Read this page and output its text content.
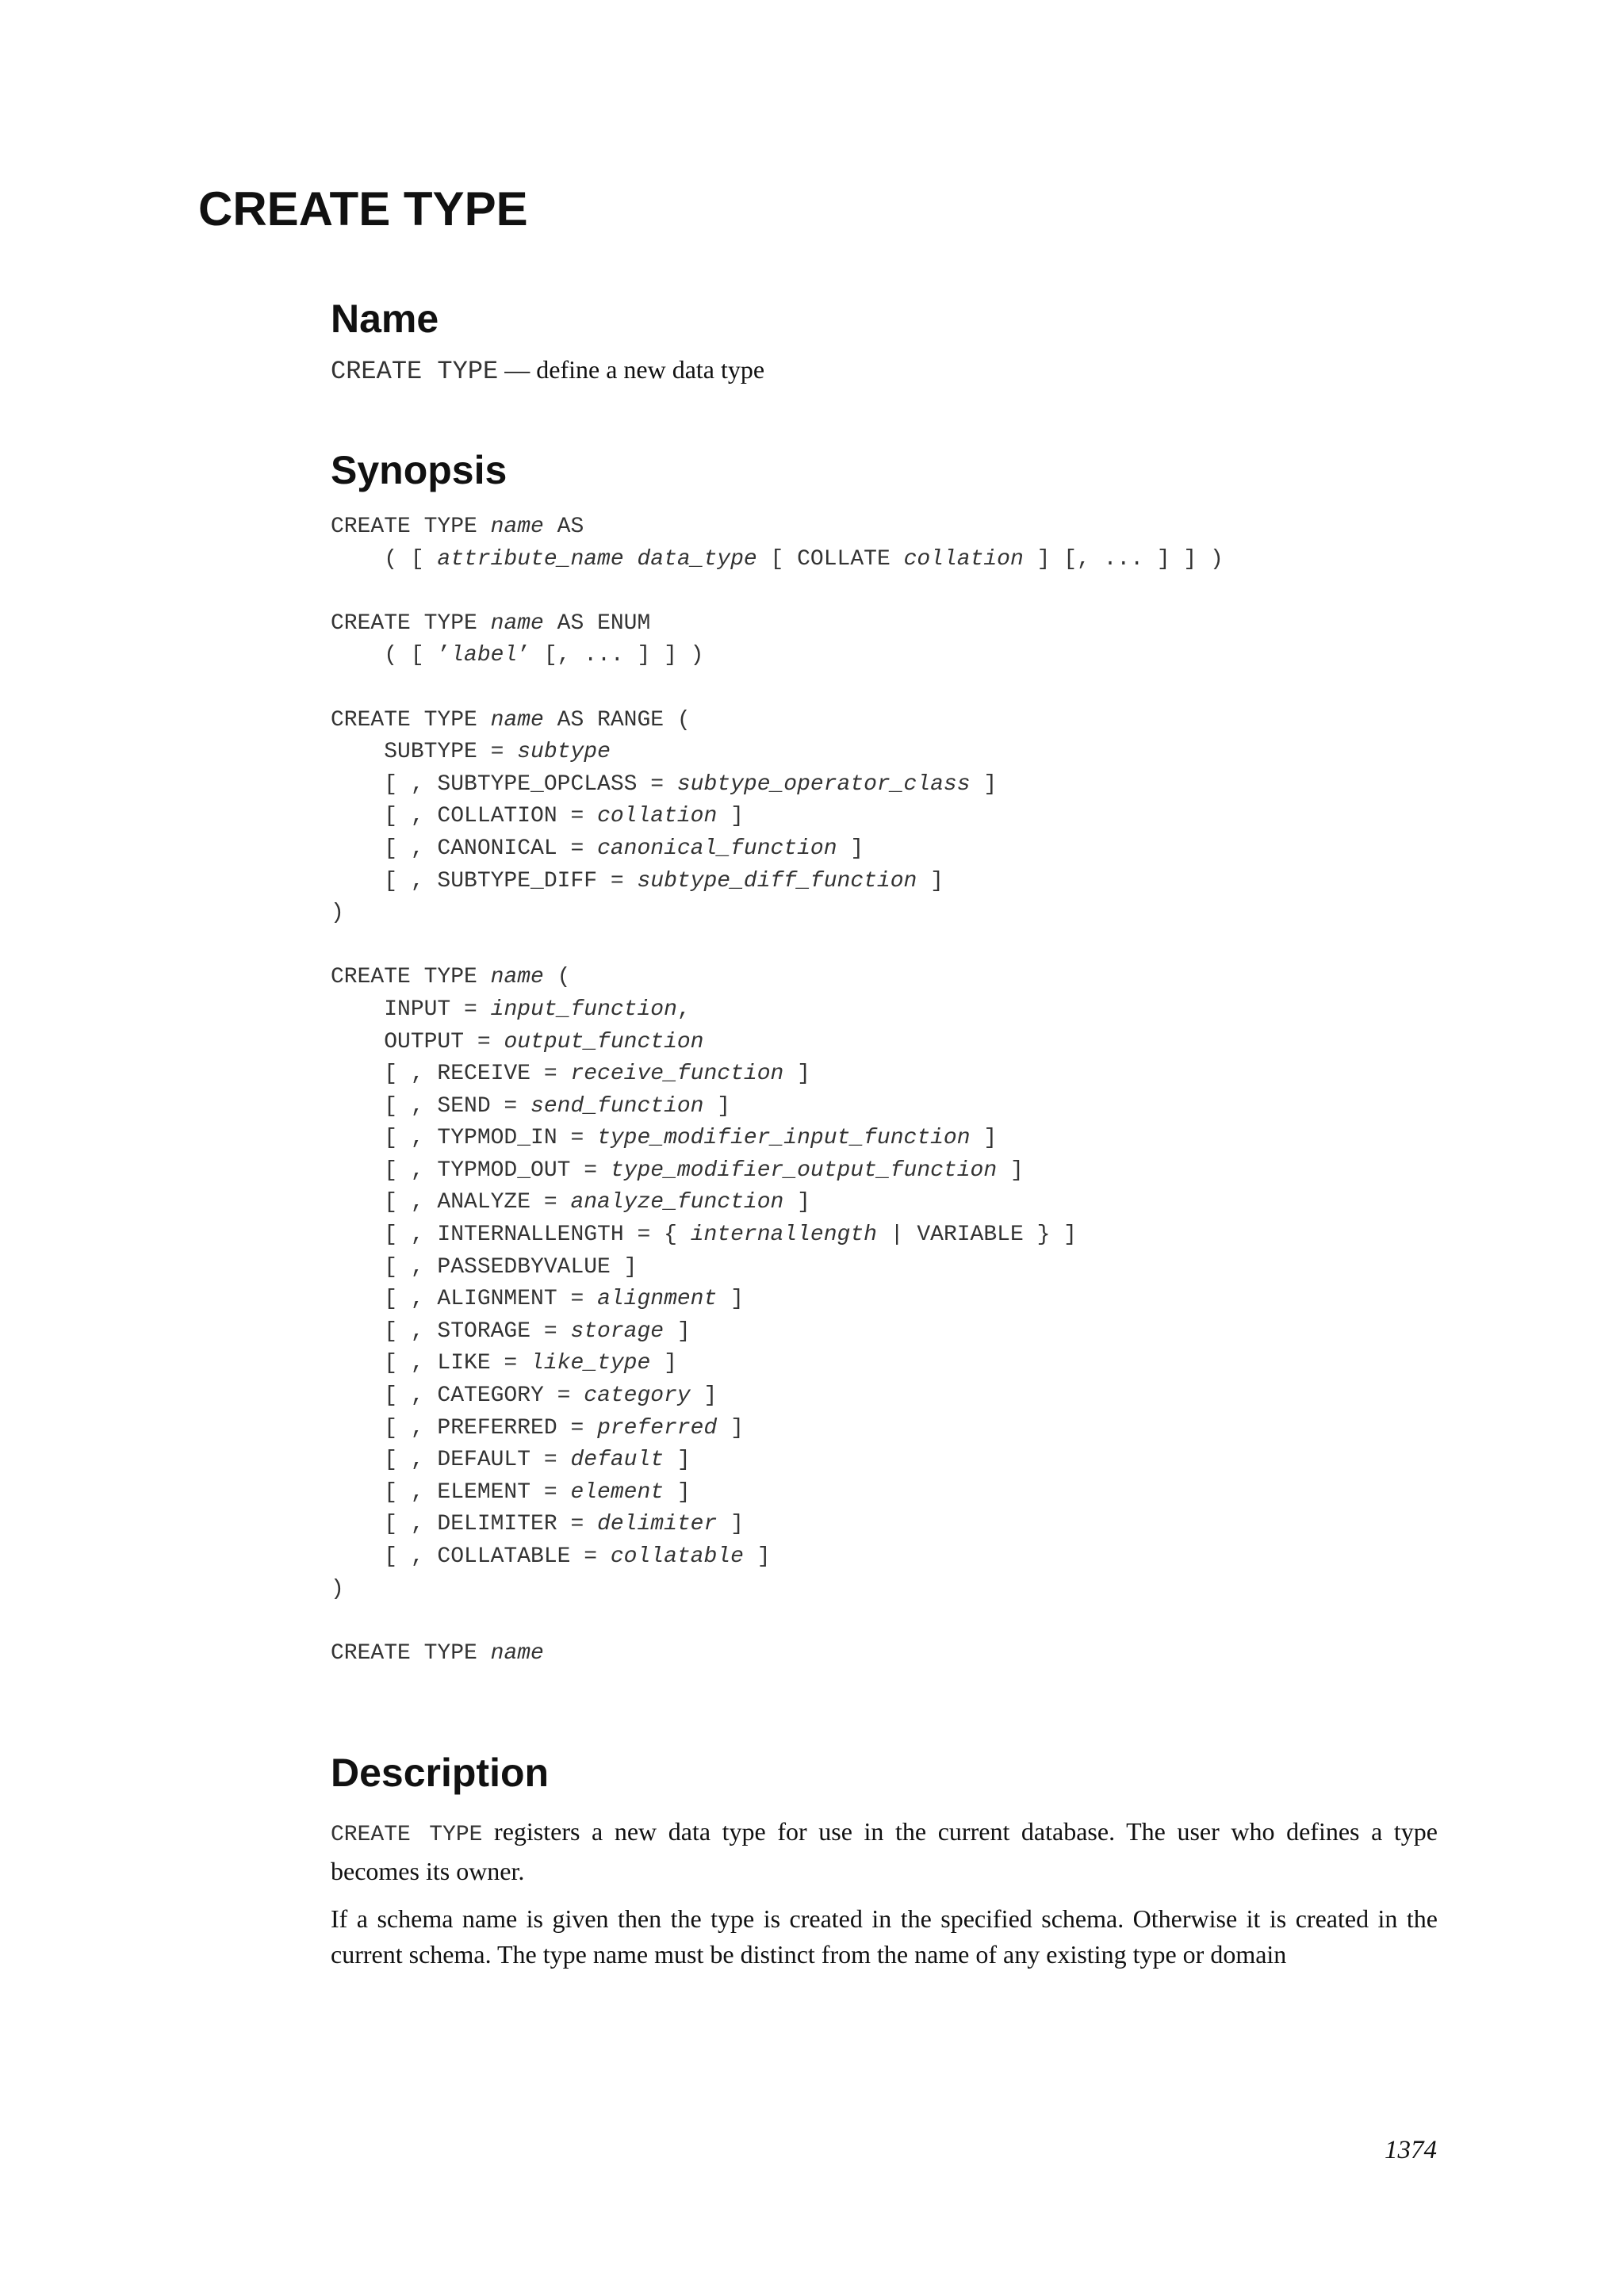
CREATE TYPE
Name
CREATE TYPE — define a new data type
Synopsis
CREATE TYPE name AS
( [ attribute_name data_type [ COLLATE collation ] [, ... ] ] )

CREATE TYPE name AS ENUM
( [ ’label’ [, ... ] ] )

CREATE TYPE name AS RANGE (
SUBTYPE = subtype
[ , SUBTYPE_OPCLASS = subtype_operator_class ]
[ , COLLATION = collation ]
[ , CANONICAL = canonical_function ]
[ , SUBTYPE_DIFF = subtype_diff_function ]
)

CREATE TYPE name (
INPUT = input_function,
OUTPUT = output_function
[ , RECEIVE = receive_function ]
[ , SEND = send_function ]
[ , TYPMOD_IN = type_modifier_input_function ]
[ , TYPMOD_OUT = type_modifier_output_function ]
[ , ANALYZE = analyze_function ]
[ , INTERNALLENGTH = { internallength | VARIABLE } ]
[ , PASSEDBYVALUE ]
[ , ALIGNMENT = alignment ]
[ , STORAGE = storage ]
[ , LIKE = like_type ]
[ , CATEGORY = category ]
[ , PREFERRED = preferred ]
[ , DEFAULT = default ]
[ , ELEMENT = element ]
[ , DELIMITER = delimiter ]
[ , COLLATABLE = collatable ]
)

CREATE TYPE name
Description

CREATE TYPE registers a new data type for use in the current database. The user who defines a type becomes its owner.

If a schema name is given then the type is created in the specified schema. Otherwise it is created in the current schema. The type name must be distinct from the name of any existing type or domain

1374
